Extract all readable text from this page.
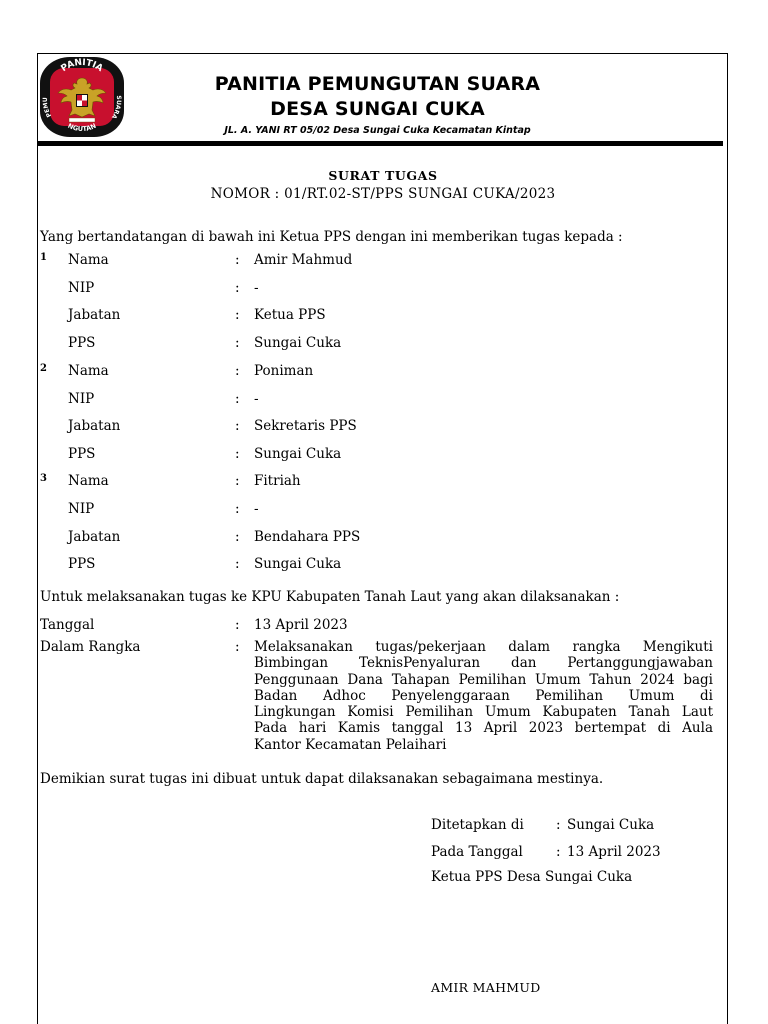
PANITIA
NGUTAN
PEMU	SUARA
PANITIA PEMUNGUTAN SUARA
DESA SUNGAI CUKA
JL. A. YANI RT 05/02 Desa Sungai Cuka Kecamatan Kintap
SURAT TUGAS
NOMOR : 01/RT.02-ST/PPS SUNGAI CUKA/2023
Yang bertandatangan di bawah ini Ketua PPS dengan ini memberikan tugas kepada :
1 Nama	: Amir Mahmud
NIP	: -
Jabatan	: Ketua PPS
PPS	: Sungai Cuka
2 Nama	: Poniman
NIP	: -
Jabatan	: Sekretaris PPS
PPS	: Sungai Cuka
3 Nama	: Fitriah
NIP	: -
Jabatan	: Bendahara PPS
PPS	: Sungai Cuka
Untuk melaksanakan tugas ke KPU Kabupaten Tanah Laut yang akan dilaksanakan :
Tanggal	: 13 April 2023
Dalam Rangka	: Melaksanakan tugas/pekerjaan dalam rangka Mengikuti
Bimbingan TeknisPenyaluran dan Pertanggungjawaban
Penggunaan Dana Tahapan Pemilihan Umum Tahun 2024 bagi
Badan Adhoc Penyelenggaraan Pemilihan Umum di
Lingkungan Komisi Pemilihan Umum Kabupaten Tanah Laut
Pada hari Kamis tanggal 13 April 2023 bertempat di Aula
Kantor Kecamatan Pelaihari
Demikian surat tugas ini dibuat untuk dapat dilaksanakan sebagaimana mestinya.
Ditetapkan di : Sungai Cuka
Pada Tanggal : 13 April 2023
Ketua PPS Desa Sungai Cuka
AMIR MAHMUD
